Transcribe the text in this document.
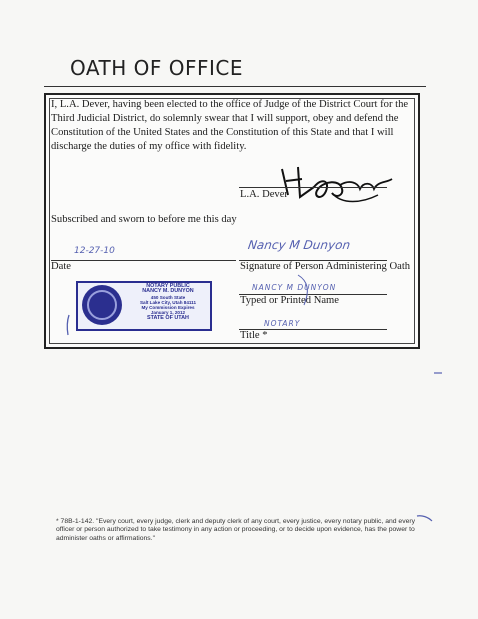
OATH OF OFFICE

I, L.A. Dever, having been elected to the office of Judge of the District Court for the Third Judicial District, do solemnly swear that I will support, obey and defend the Constitution of the United States and the Constitution of this State and that I will discharge the duties of my office with fidelity.

L.A. Dever
Subscribed and sworn to before me this day
12-27-10
Date
Nancy M Dunyon
Signature of Person Administering Oath
NANCY M DUNYON
Typed or Printed Name
NOTARY
Title *
NOTARY PUBLIC
NANCY M. DUNYON
450 South State
Salt Lake City, Utah 84111
My Commission Expires
January 1, 2012
STATE OF UTAH

* 78B-1-142. "Every court, every judge, clerk and deputy clerk of any court, every justice, every notary public, and every officer or person authorized to take testimony in any action or proceeding, or to decide upon evidence, has the power to administer oaths or affirmations."
